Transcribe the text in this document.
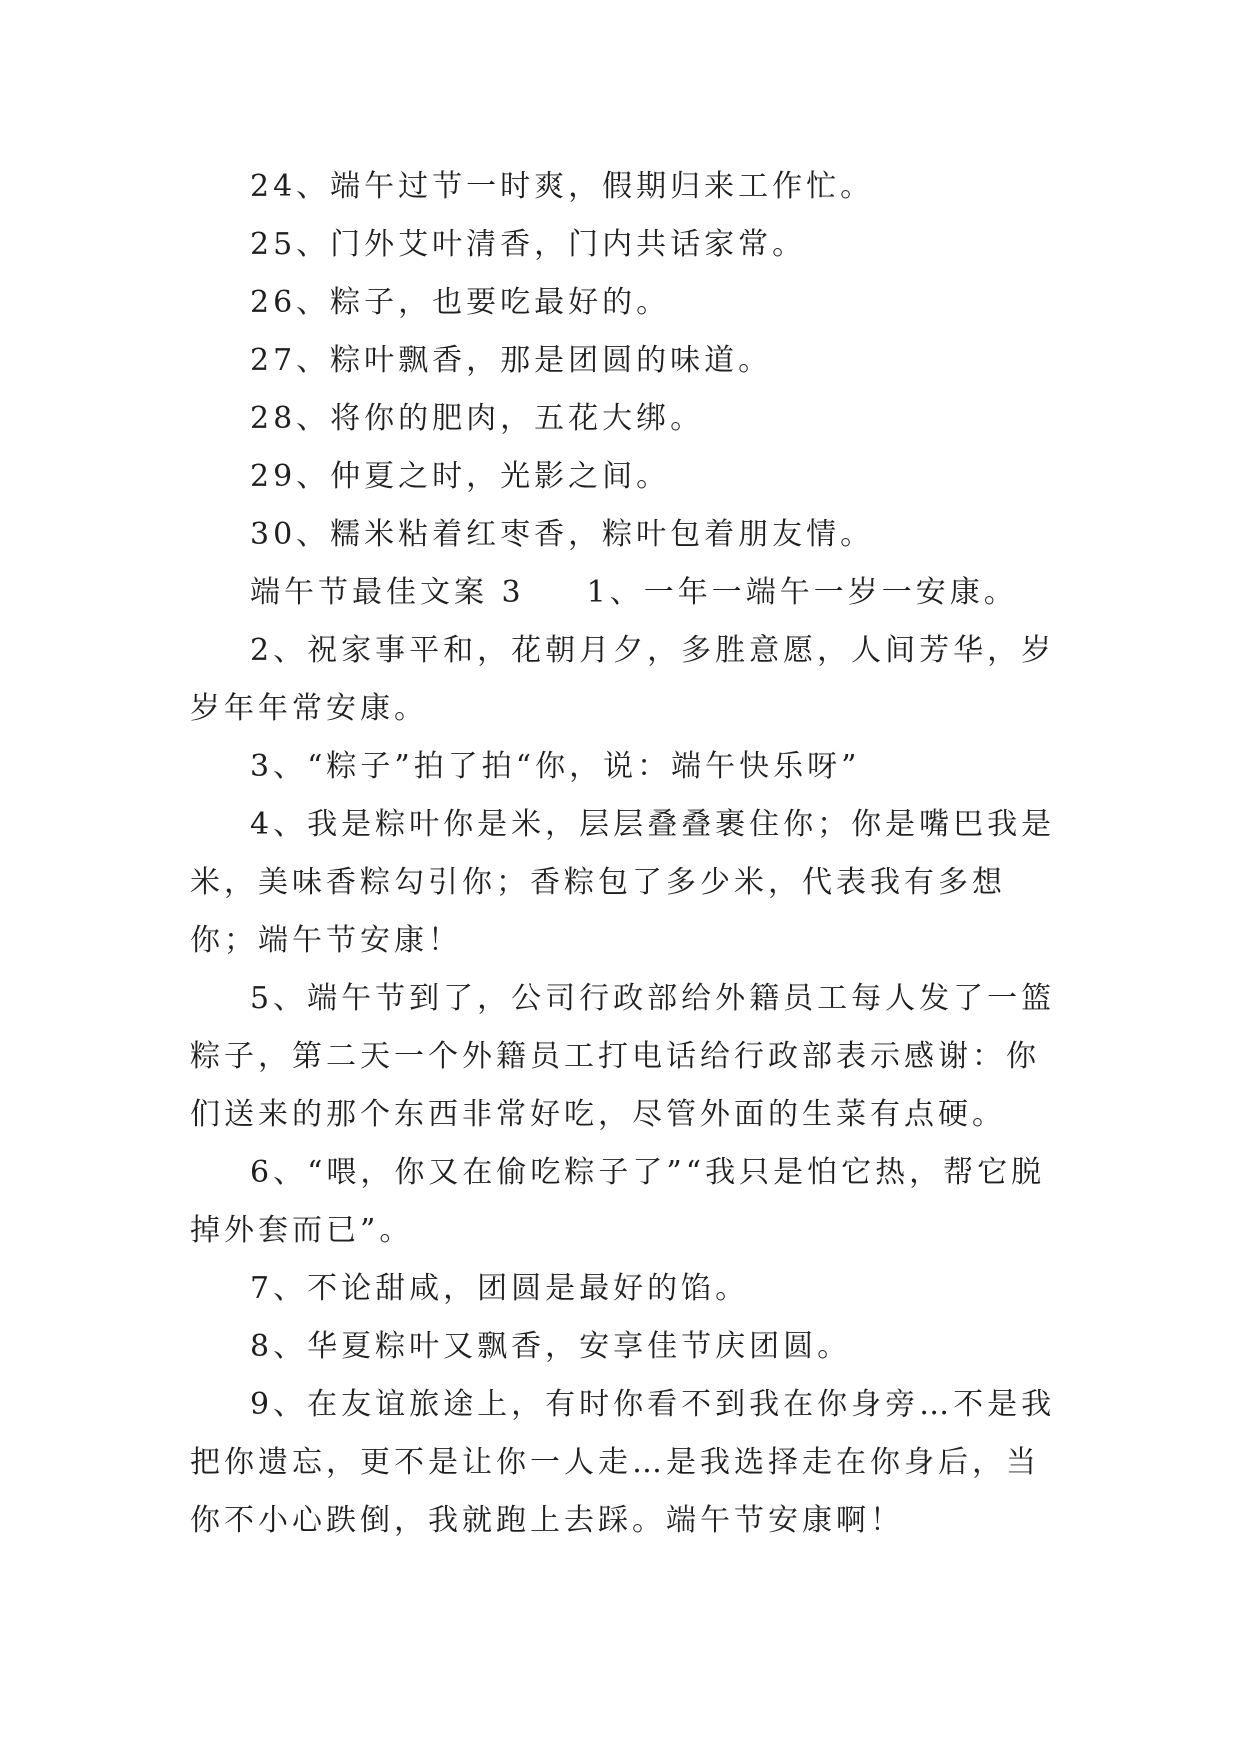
24、端午过节一时爽，假期归来工作忙。

25、门外艾叶清香，门内共话家常。

26、粽子，也要吃最好的。

27、粽叶飘香，那是团圆的味道。

28、将你的肥肉，五花大绑。

29、仲夏之时，光影之间。

30、糯米粘着红枣香，粽叶包着朋友情。

端午节最佳文案 3 1、一年一端午一岁一安康。

2、祝家事平和，花朝月夕，多胜意愿，人间芳华，岁岁年年常安康。

3、“粽子”拍了拍“你，说：端午快乐呀”

4、我是粽叶你是米，层层叠叠裹住你；你是嘴巴我是米，美味香粽勾引你；香粽包了多少米，代表我有多想你；端午节安康！

5、端午节到了，公司行政部给外籍员工每人发了一篮粽子，第二天一个外籍员工打电话给行政部表示感谢：你们送来的那个东西非常好吃，尽管外面的生菜有点硬。

6、“喂，你又在偷吃粽子了”“我只是怕它热，帮它脱掉外套而已”。

7、不论甜咸，团圆是最好的馅。

8、华夏粽叶又飘香，安享佳节庆团圆。

9、在友谊旅途上，有时你看不到我在你身旁…不是我把你遗忘，更不是让你一人走…是我选择走在你身后，当你不小心跌倒，我就跑上去踩。端午节安康啊！
